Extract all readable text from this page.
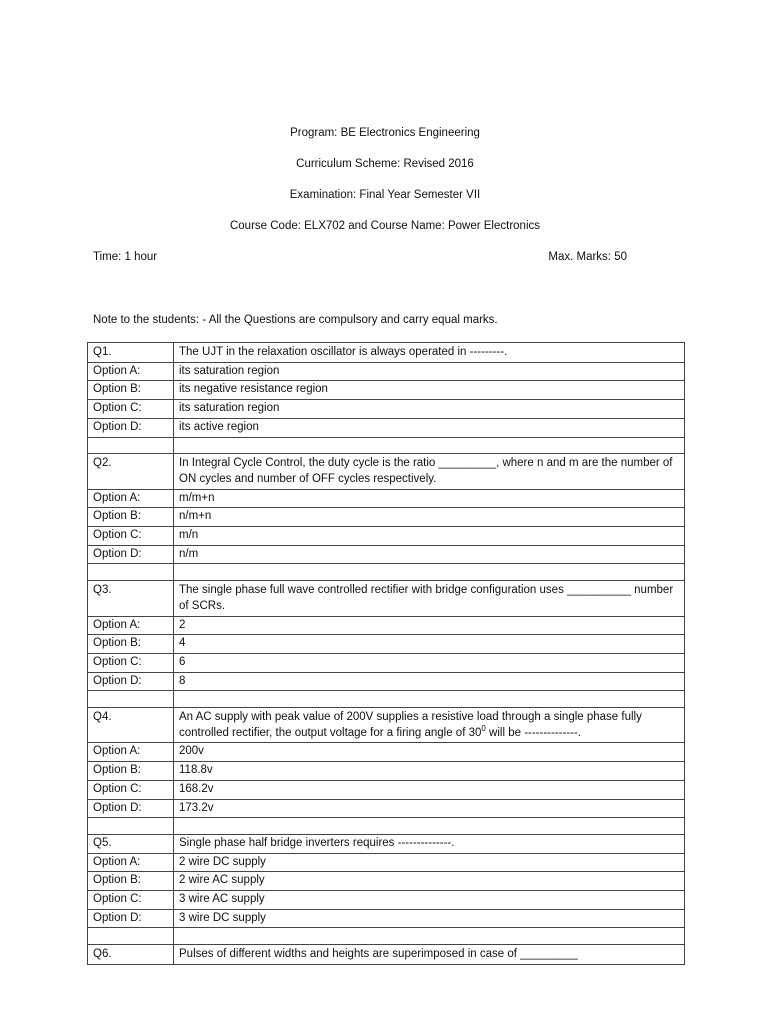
Program: BE Electronics Engineering
Curriculum Scheme: Revised 2016
Examination: Final Year Semester VII
Course Code: ELX702 and Course Name: Power Electronics
Time: 1 hour	Max. Marks: 50
Note to the students: - All the Questions are compulsory and carry equal marks.
Q1.	The UJT in the relaxation oscillator is always operated in ---------.
Option A:	its saturation region
Option B:	its negative resistance region
Option C:	its saturation region
Option D:	its active region

Q2.	In Integral Cycle Control, the duty cycle is the ratio _________, where n and m are the number of ON cycles and number of OFF cycles respectively.
Option A:	m/m+n
Option B:	n/m+n
Option C:	m/n
Option D:	n/m

Q3.	The single phase full wave controlled rectifier with bridge configuration uses __________ number of SCRs.
Option A:	2
Option B:	4
Option C:	6
Option D:	8

Q4.	An AC supply with peak value of 200V supplies a resistive load through a single phase fully controlled rectifier, the output voltage for a firing angle of $30^0$ will be --------------.
Option A:	200v
Option B:	118.8v
Option C:	168.2v
Option D:	173.2v

Q5.	Single phase half bridge inverters requires --------------.
Option A:	2 wire DC supply
Option B:	2 wire AC supply
Option C:	3 wire AC supply
Option D:	3 wire DC supply

Q6.	Pulses of different widths and heights are superimposed in case of _________
